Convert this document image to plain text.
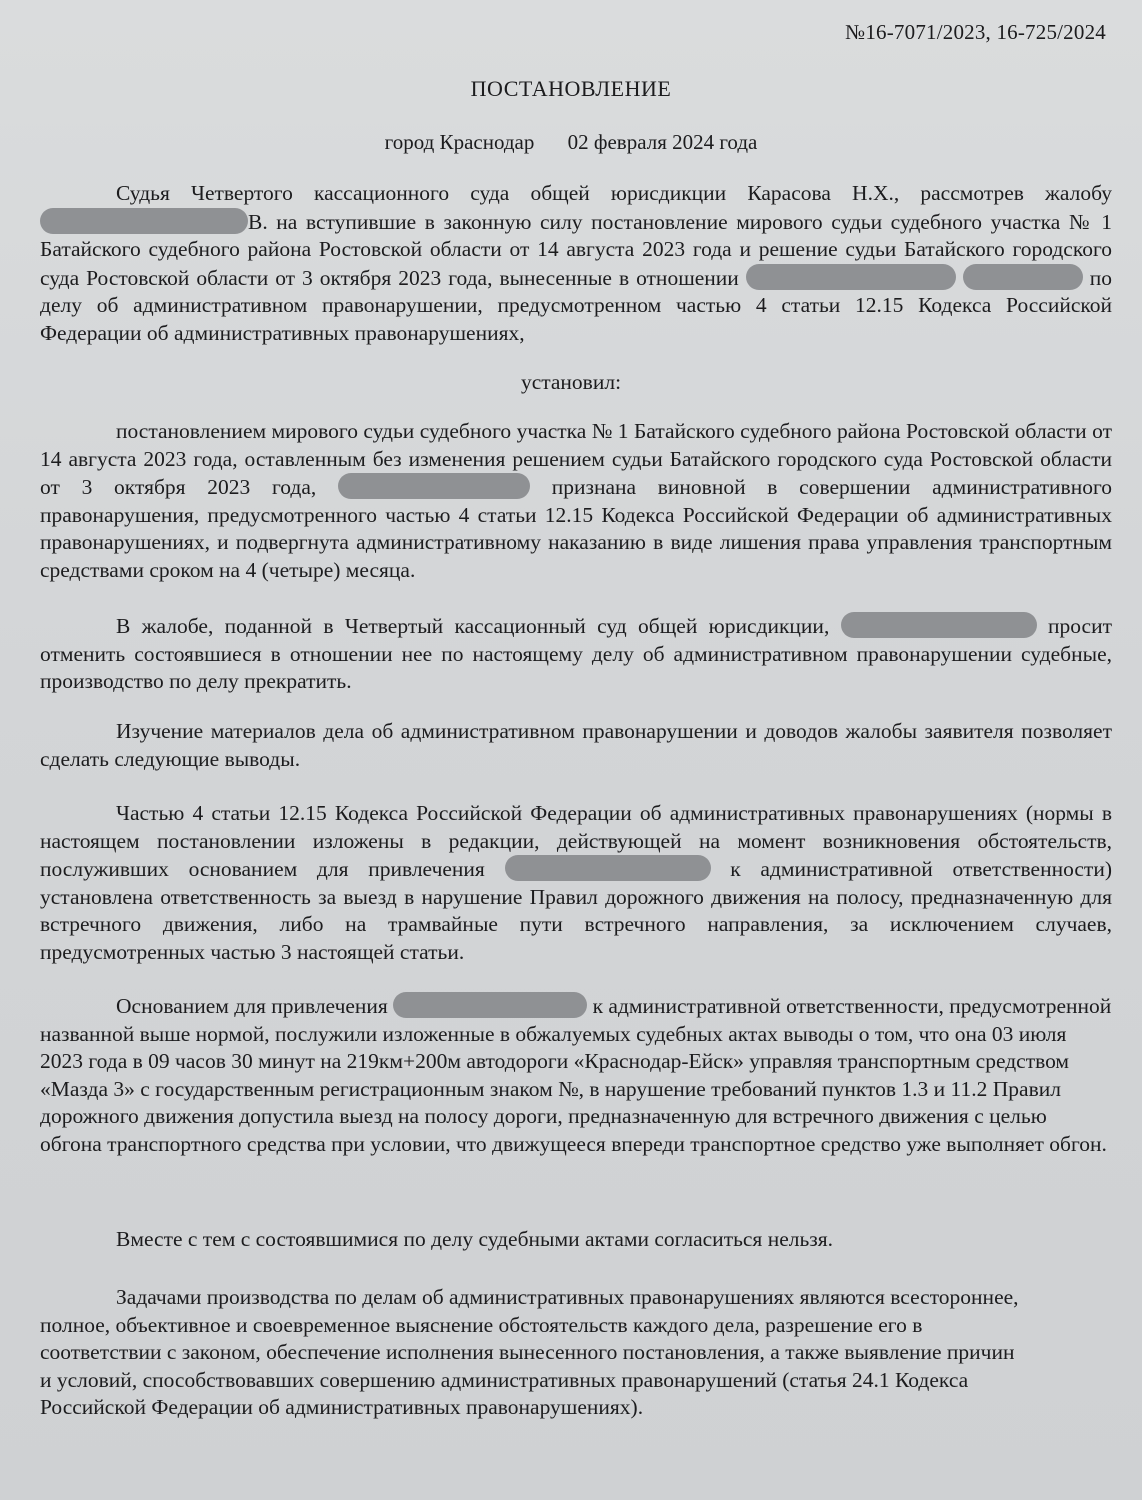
№16-7071/2023, 16-725/2024
ПОСТАНОВЛЕНИЕ
город Краснодар 02 февраля 2024 года

Судья Четвертого кассационного суда общей юрисдикции Карасова Н.Х., рассмотрев жалобу В. на вступившие в законную силу постановление мирового судьи судебного участка № 1 Батайского судебного района Ростовской области от 14 августа 2023 года и решение судьи Батайского городского суда Ростовской области от 3 октября 2023 года, вынесенные в отношении	по делу об административном правонарушении, предусмотренном частью 4 статьи 12.15 Кодекса Российской Федерации об административных правонарушениях,

установил:

постановлением мирового судьи судебного участка № 1 Батайского судебного района Ростовской области от 14 августа 2023 года, оставленным без изменения решением судьи Батайского городского суда Ростовской области от 3 октября 2023 года,	признана виновной в совершении административного правонарушения, предусмотренного частью 4 статьи 12.15 Кодекса Российской Федерации об административных правонарушениях, и подвергнута административному наказанию в виде лишения права управления транспортным средствами сроком на 4 (четыре) месяца.

В жалобе, поданной в Четвертый кассационный суд общей юрисдикции,	просит отменить состоявшиеся в отношении нее по настоящему делу об административном правонарушении судебные, производство по делу прекратить.

Изучение материалов дела об административном правонарушении и доводов жалобы заявителя позволяет сделать следующие выводы.

Частью 4 статьи 12.15 Кодекса Российской Федерации об административных правонарушениях (нормы в настоящем постановлении изложены в редакции, действующей на момент возникновения обстоятельств, послуживших основанием для привлечения	к административной ответственности) установлена ответственность за выезд в нарушение Правил дорожного движения на полосу, предназначенную для встречного движения, либо на трамвайные пути встречного направления, за исключением случаев, предусмотренных частью 3 настоящей статьи.

Основанием для привлечения	к административной ответственности, предусмотренной названной выше нормой, послужили изложенные в обжалуемых судебных актах выводы о том, что она 03 июля 2023 года в 09 часов 30 минут на 219км+200м автодороги «Краснодар-Ейск» управляя транспортным средством «Мазда 3» с государственным регистрационным знаком №, в нарушение требований пунктов 1.3 и 11.2 Правил дорожного движения допустила выезд на полосу дороги, предназначенную для встречного движения с целью обгона транспортного средства при условии, что движущееся впереди транспортное средство уже выполняет обгон.

Вместе с тем с состоявшимися по делу судебными актами согласиться нельзя.

Задачами производства по делам об административных правонарушениях являются всестороннее, полное, объективное и своевременное выяснение обстоятельств каждого дела, разрешение его в соответствии с законом, обеспечение исполнения вынесенного постановления, а также выявление причин и условий, способствовавших совершению административных правонарушений (статья 24.1 Кодекса Российской Федерации об административных правонарушениях).
